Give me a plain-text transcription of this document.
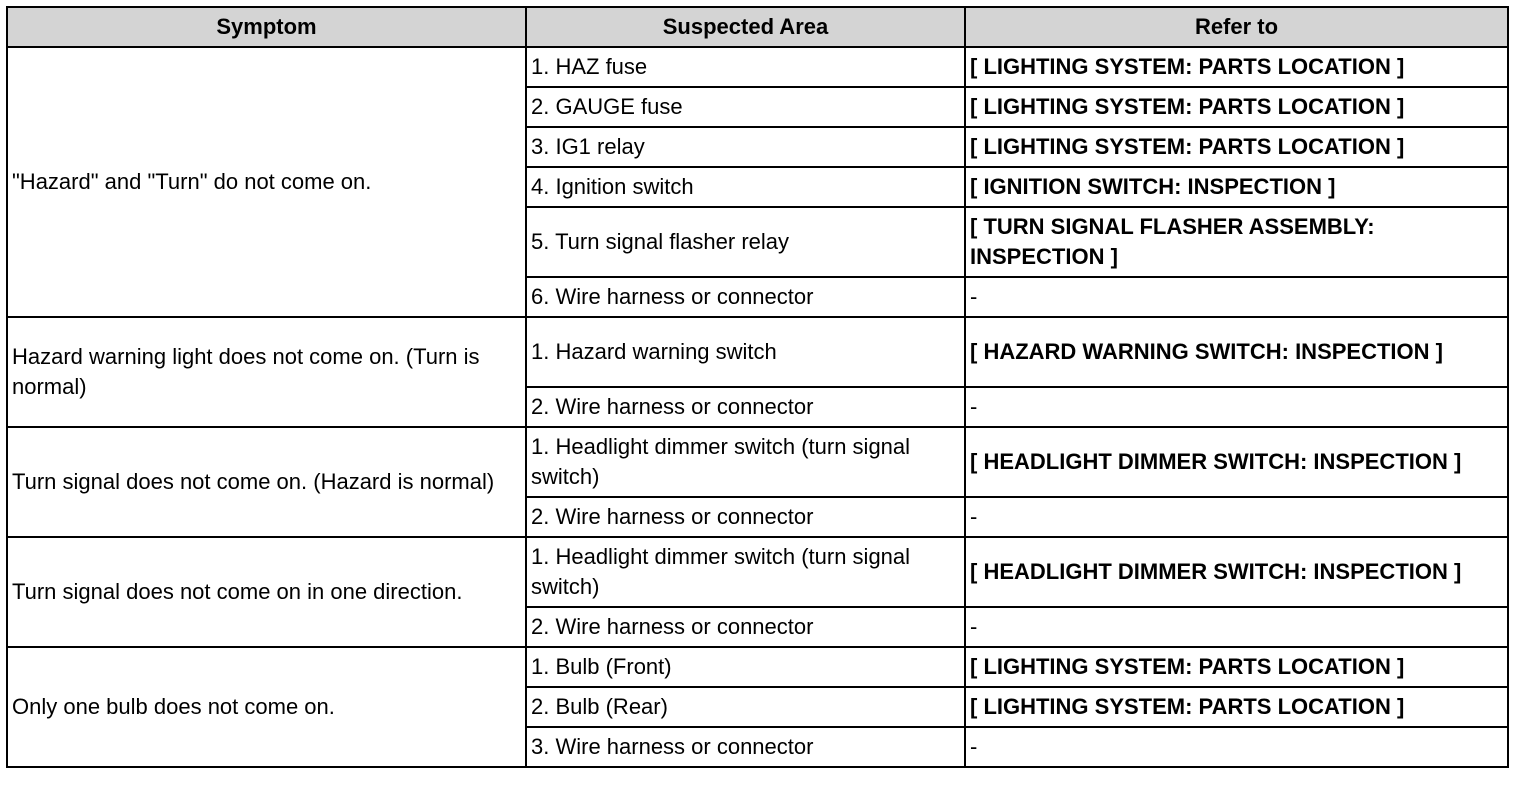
Symptom	Suspected Area	Refer to
"Hazard" and "Turn" do not come on.	1. HAZ fuse	[ LIGHTING SYSTEM: PARTS LOCATION ]
	2. GAUGE fuse	[ LIGHTING SYSTEM: PARTS LOCATION ]
	3. IG1 relay	[ LIGHTING SYSTEM: PARTS LOCATION ]
	4. Ignition switch	[ IGNITION SWITCH: INSPECTION ]
	5. Turn signal flasher relay	[ TURN SIGNAL FLASHER ASSEMBLY: INSPECTION ]
	6. Wire harness or connector	-
Hazard warning light does not come on. (Turn is normal)	1. Hazard warning switch	[ HAZARD WARNING SWITCH: INSPECTION ]
	2. Wire harness or connector	-
Turn signal does not come on. (Hazard is normal)	1. Headlight dimmer switch (turn signal switch)	[ HEADLIGHT DIMMER SWITCH: INSPECTION ]
	2. Wire harness or connector	-
Turn signal does not come on in one direction.	1. Headlight dimmer switch (turn signal switch)	[ HEADLIGHT DIMMER SWITCH: INSPECTION ]
	2. Wire harness or connector	-
Only one bulb does not come on.	1. Bulb (Front)	[ LIGHTING SYSTEM: PARTS LOCATION ]
	2. Bulb (Rear)	[ LIGHTING SYSTEM: PARTS LOCATION ]
	3. Wire harness or connector	-
